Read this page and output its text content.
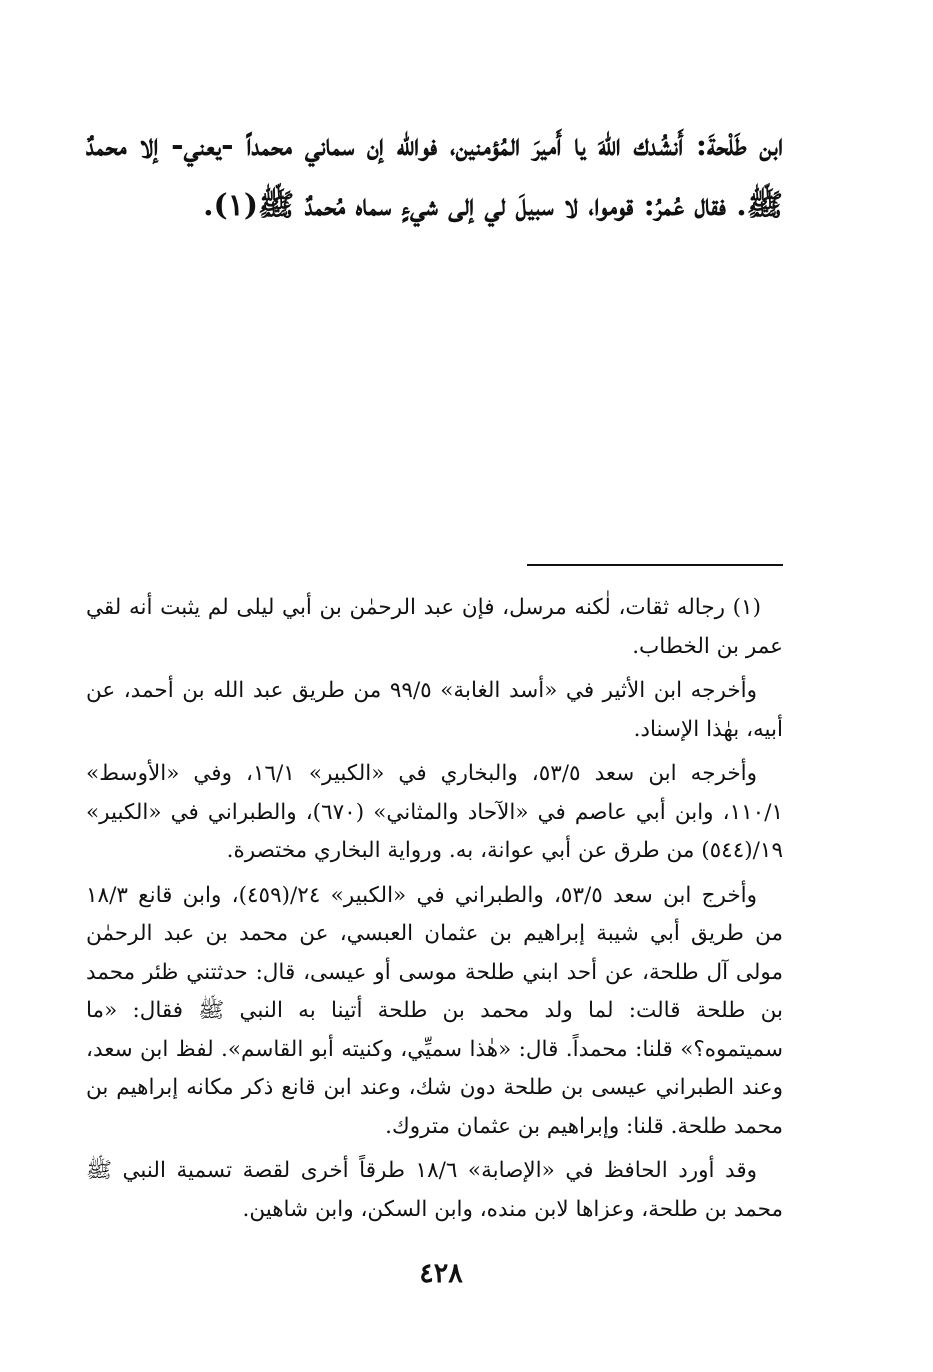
ابن طَلْحةَ: أَنشُدك اللهَ يا أَميرَ المُؤمنين، فوالله إن سماني محمداً -يعني- إلا محمدٌ ﷺ. فقال عُمرُ: قوموا، لا سبيلَ لي إلى شيءٍ سماه مُحمدٌ ﷺ(١).

(١) رجاله ثقات، لٰكنه مرسل، فإن عبد الرحمٰن بن أبي ليلى لم يثبت أنه لقي عمر بن الخطاب.

وأخرجه ابن الأثير في «أسد الغابة» ٩٩/٥ من طريق عبد الله بن أحمد، عن أبيه، بهٰذا الإسناد.

وأخرجه ابن سعد ٥٣/٥، والبخاري في «الكبير» ١٦/١، وفي «الأوسط» ١١٠/١، وابن أبي عاصم في «الآحاد والمثاني» (٦٧٠)، والطبراني في «الكبير» ١٩/(٥٤٤) من طرق عن أبي عوانة، به. ورواية البخاري مختصرة.

وأخرج ابن سعد ٥٣/٥، والطبراني في «الكبير» ٢٤/(٤٥٩)، وابن قانع ١٨/٣ من طريق أبي شيبة إبراهيم بن عثمان العبسي، عن محمد بن عبد الرحمٰن مولى آل طلحة، عن أحد ابني طلحة موسى أو عيسى، قال: حدثتني ظئر محمد بن طلحة قالت: لما ولد محمد بن طلحة أتينا به النبي ﷺ فقال: «ما سميتموه؟» قلنا: محمداً. قال: «هٰذا سميِّي، وكنيته أبو القاسم». لفظ ابن سعد، وعند الطبراني عيسى بن طلحة دون شك، وعند ابن قانع ذكر مكانه إبراهيم بن محمد طلحة. قلنا: وإبراهيم بن عثمان متروك.

وقد أورد الحافظ في «الإصابة» ١٨/٦ طرقاً أخرى لقصة تسمية النبي ﷺ محمد بن طلحة، وعزاها لابن منده، وابن السكن، وابن شاهين.

٤٢٨
